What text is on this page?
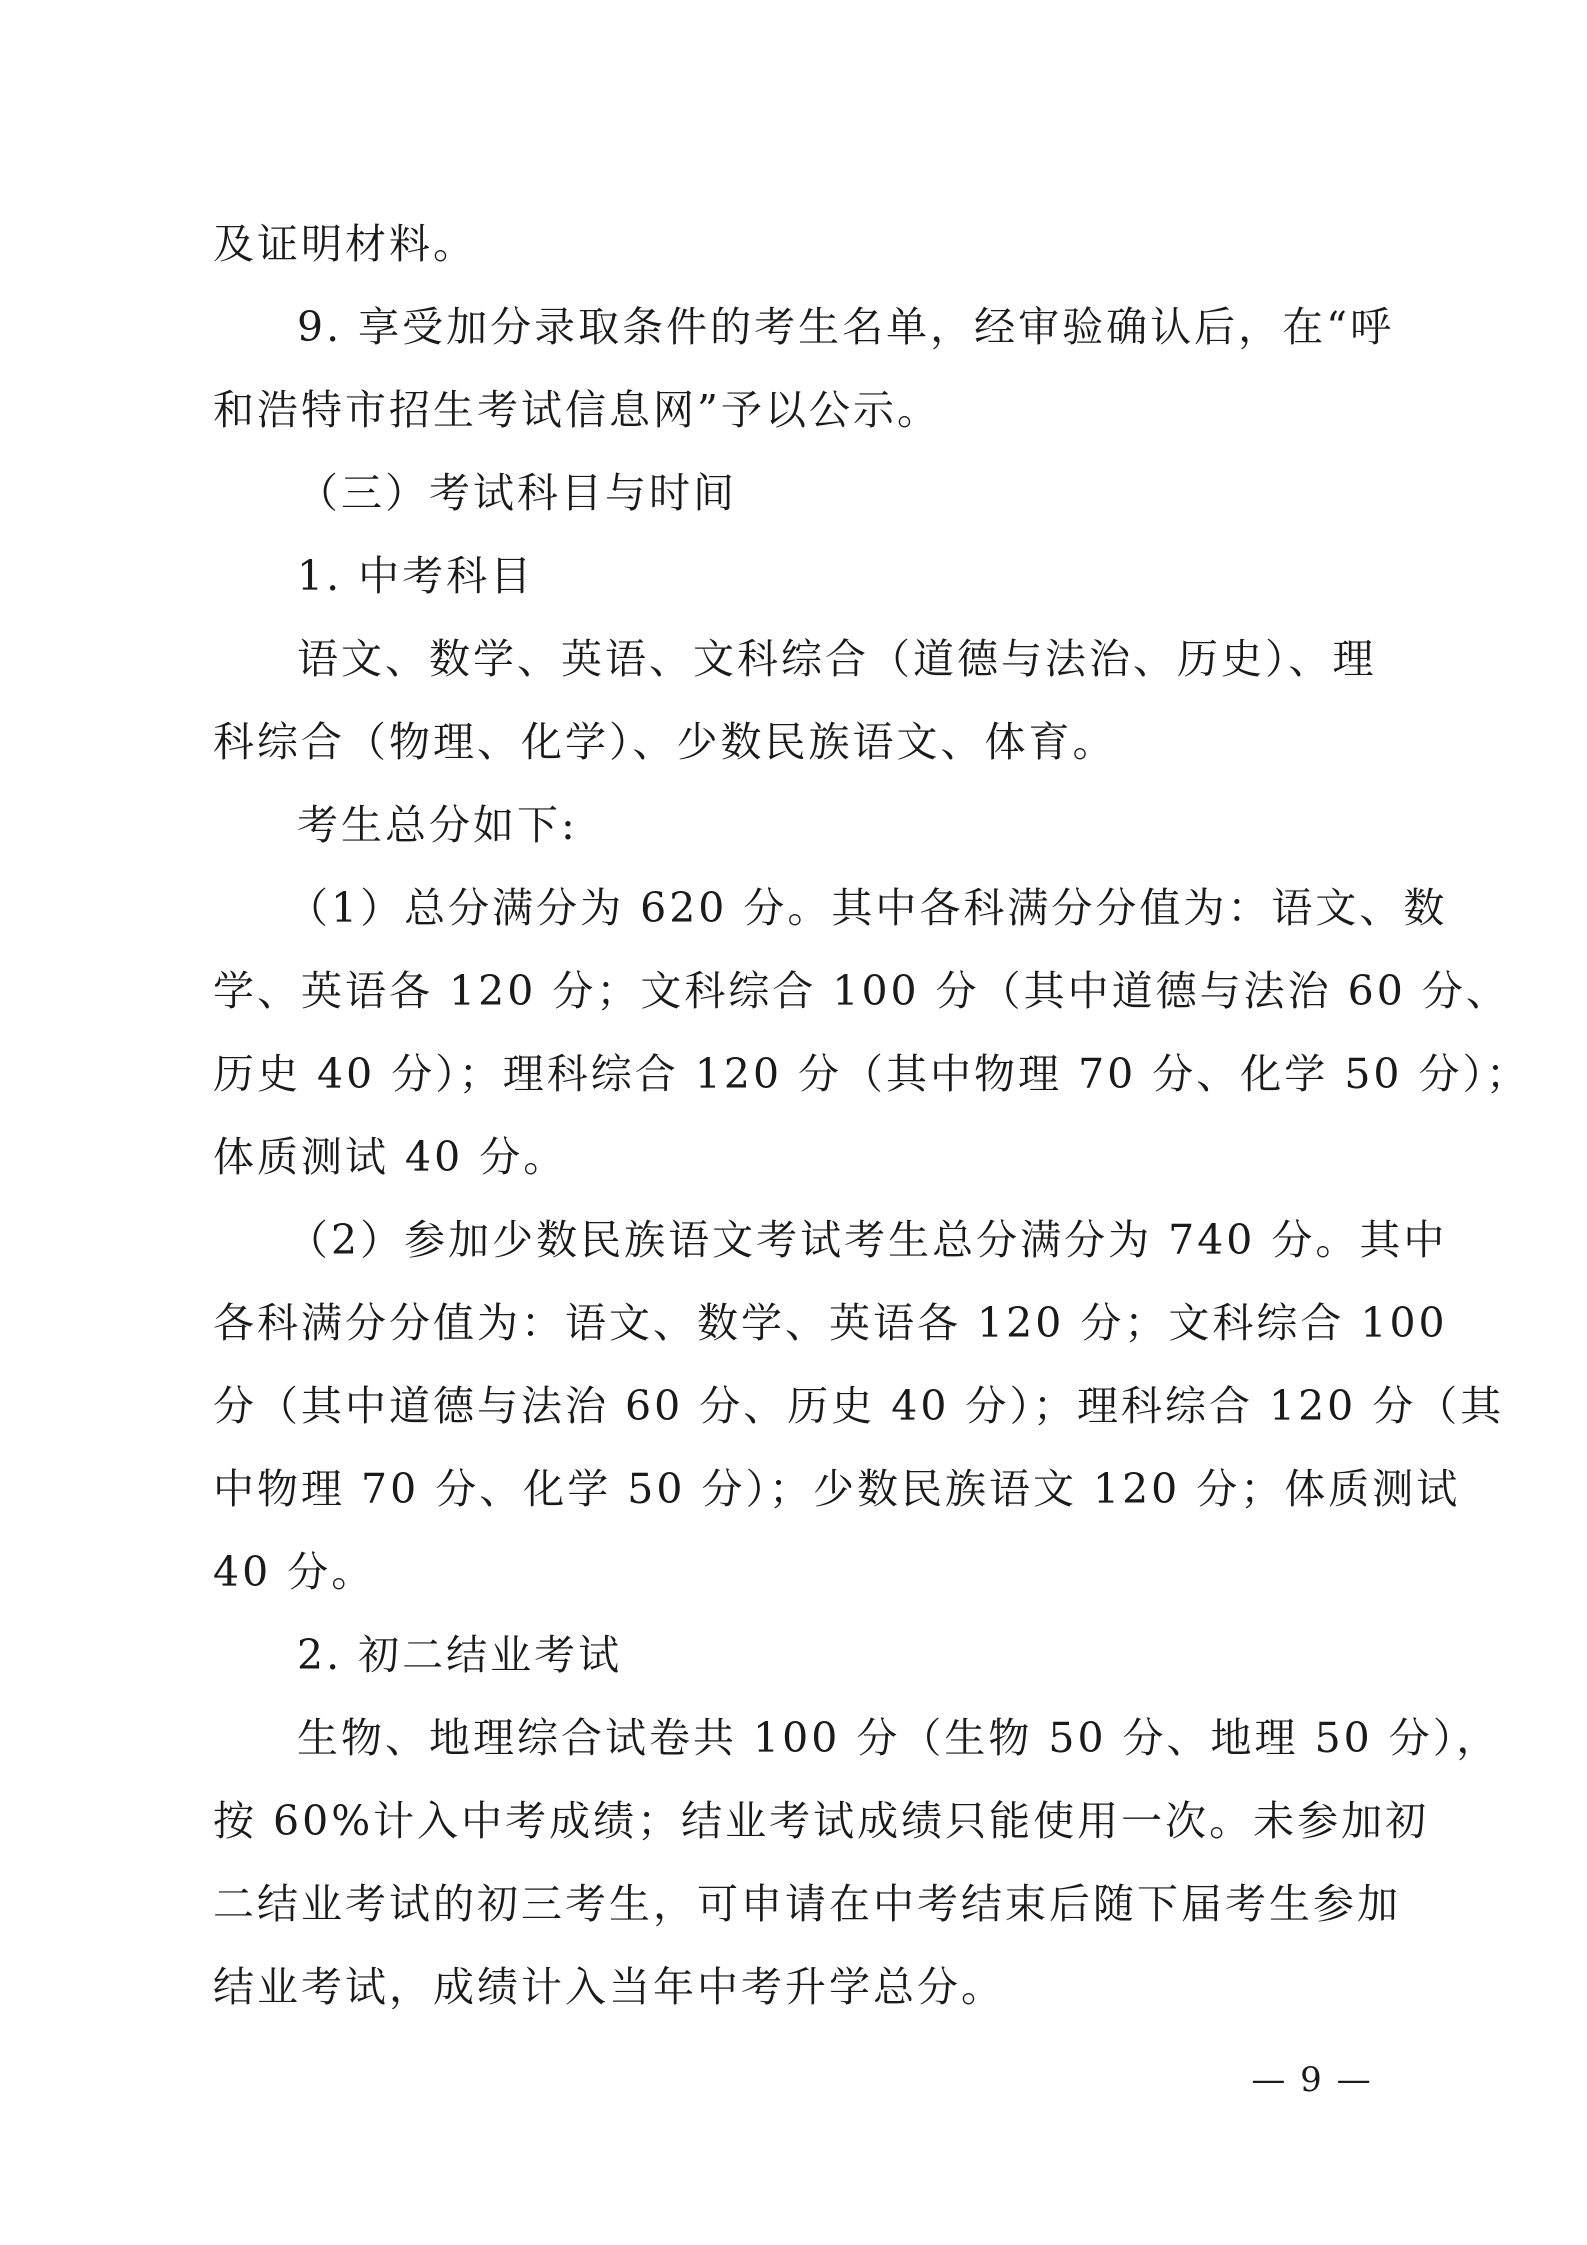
及证明材料。
9. 享受加分录取条件的考生名单，经审验确认后，在“呼
和浩特市招生考试信息网”予以公示。
（三）考试科目与时间
1. 中考科目
语文、数学、英语、文科综合（道德与法治、历史）、理
科综合（物理、化学）、少数民族语文、体育。
考生总分如下:
（1）总分满分为 620 分。其中各科满分分值为：语文、数
学、英语各 120 分；文科综合 100 分（其中道德与法治 60 分、
历史 40 分）；理科综合 120 分（其中物理 70 分、化学 50 分）；
体质测试 40 分。
（2）参加少数民族语文考试考生总分满分为 740 分。其中
各科满分分值为：语文、数学、英语各 120 分；文科综合 100
分（其中道德与法治 60 分、历史 40 分）；理科综合 120 分（其
中物理 70 分、化学 50 分）；少数民族语文 120 分；体质测试
40 分。
2. 初二结业考试
生物、地理综合试卷共 100 分（生物 50 分、地理 50 分），
按 60%计入中考成绩；结业考试成绩只能使用一次。未参加初
二结业考试的初三考生，可申请在中考结束后随下届考生参加
结业考试，成绩计入当年中考升学总分。
— 9 —
